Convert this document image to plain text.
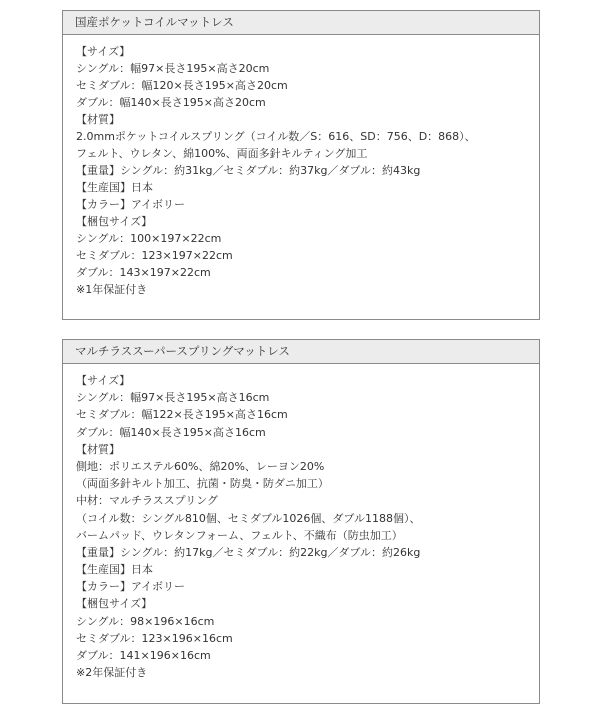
国産ポケットコイルマットレス
【サイズ】
シングル：幅97×長さ195×高さ20cm
セミダブル：幅120×長さ195×高さ20cm
ダブル：幅140×長さ195×高さ20cm
【材質】
2.0mmポケットコイルスプリング（コイル数／S：616、SD：756、D：868）、
フェルト、ウレタン、綿100%、両面多針キルティング加工
【重量】シングル：約31kg／セミダブル：約37kg／ダブル：約43kg
【生産国】日本
【カラー】アイボリー
【梱包サイズ】
シングル：100×197×22cm
セミダブル：123×197×22cm
ダブル：143×197×22cm
※1年保証付き
マルチラススーパースプリングマットレス
【サイズ】
シングル：幅97×長さ195×高さ16cm
セミダブル：幅122×長さ195×高さ16cm
ダブル：幅140×長さ195×高さ16cm
【材質】
側地：ポリエステル60%、綿20%、レーヨン20%
（両面多針キルト加工、抗菌・防臭・防ダニ加工）
中材：マルチラススプリング
（コイル数：シングル810個、セミダブル1026個、ダブル1188個）、
バームパッド、ウレタンフォーム、フェルト、不織布（防虫加工）
【重量】シングル：約17kg／セミダブル：約22kg／ダブル：約26kg
【生産国】日本
【カラー】アイボリー
【梱包サイズ】
シングル：98×196×16cm
セミダブル：123×196×16cm
ダブル：141×196×16cm
※2年保証付き
